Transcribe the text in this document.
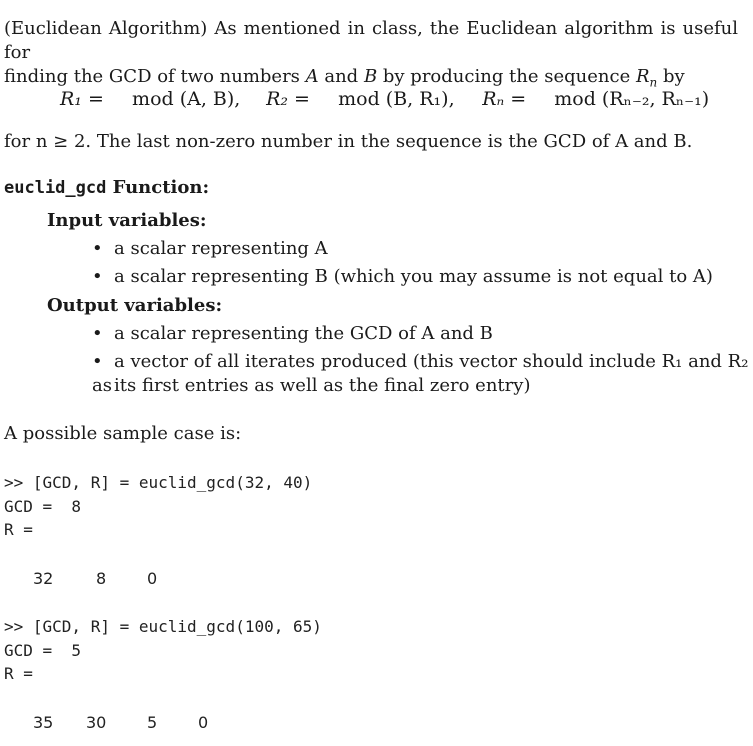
(Euclidean Algorithm) As mentioned in class, the Euclidean algorithm is useful for
finding the GCD of two numbers A and B by producing the sequence $R_n$ by
R₁ = mod (A, B), R₂ = mod (B, R₁), Rₙ = mod (Rₙ₋₂, Rₙ₋₁)
for n ≥ 2. The last non-zero number in the sequence is the GCD of A and B.
euclid_gcd Function:
Input variables:
• a scalar representing A
• a scalar representing B (which you may assume is not equal to A)
Output variables:
• a scalar representing the GCD of A and B
• a vector of all iterates produced (this vector should include R₁ and R₂ as its first entries as well as the final zero entry)
A possible sample case is:
>> [GCD, R] = euclid_gcd(32, 40)
GCD =  8
R =
32	8	0
>> [GCD, R] = euclid_gcd(100, 65)
GCD =  5
R =
35 30	5	0
